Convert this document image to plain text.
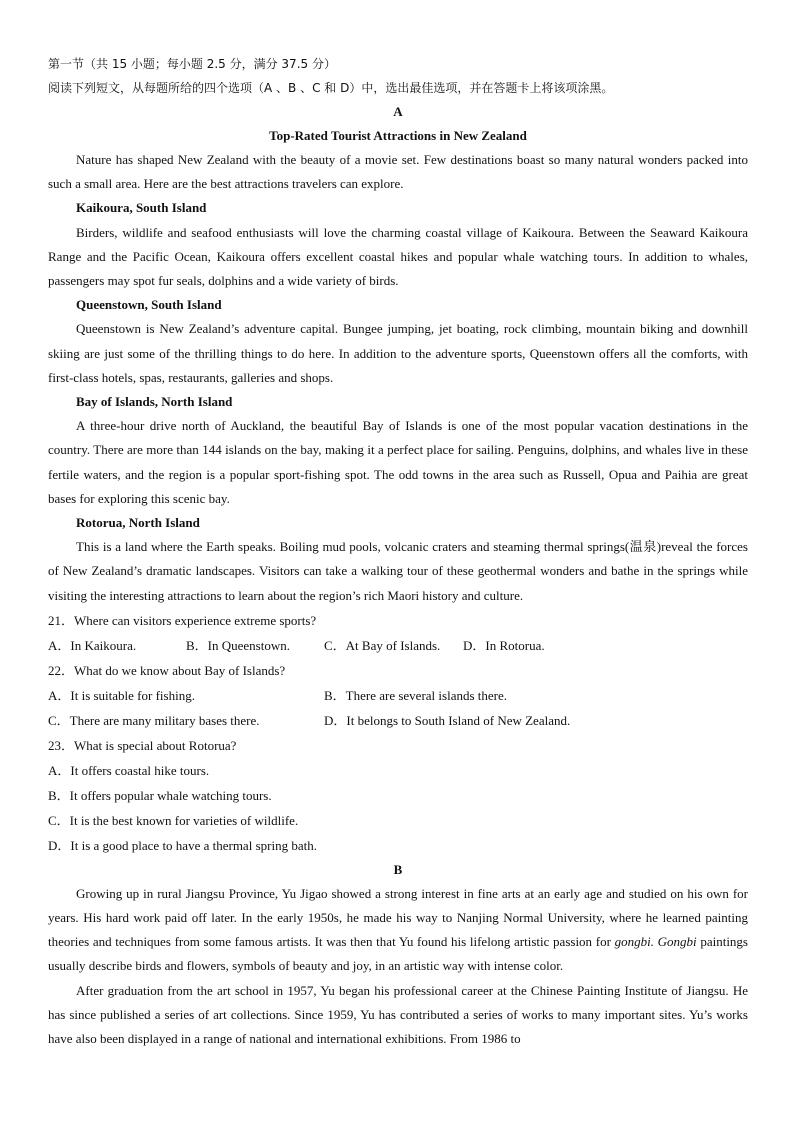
第一节（共 15 小题；每小题 2.5 分，满分 37.5 分）
阅读下列短文，从每题所给的四个选项（A 、B 、C 和 D）中，选出最佳选项，并在答题卡上将该项涂黑。
A
Top-Rated Tourist Attractions in New Zealand

Nature has shaped New Zealand with the beauty of a movie set. Few destinations boast so many natural wonders packed into such a small area. Here are the best attractions travelers can explore.

Kaikoura, South Island

Birders, wildlife and seafood enthusiasts will love the charming coastal village of Kaikoura. Between the Seaward Kaikoura Range and the Pacific Ocean, Kaikoura offers excellent coastal hikes and popular whale watching tours. In addition to whales, passengers may spot fur seals, dolphins and a wide variety of birds.

Queenstown, South Island

Queenstown is New Zealand’s adventure capital. Bungee jumping, jet boating, rock climbing, mountain biking and downhill skiing are just some of the thrilling things to do here. In addition to the adventure sports, Queenstown offers all the comforts, with first-class hotels, spas, restaurants, galleries and shops.

Bay of Islands, North Island

A three-hour drive north of Auckland, the beautiful Bay of Islands is one of the most popular vacation destinations in the country. There are more than 144 islands on the bay, making it a perfect place for sailing. Penguins, dolphins, and whales live in these fertile waters, and the region is a popular sport-fishing spot. The odd towns in the area such as Russell, Opua and Paihia are great bases for exploring this scenic bay.

Rotorua, North Island

This is a land where the Earth speaks. Boiling mud pools, volcanic craters and steaming thermal springs(温泉)reveal the forces of New Zealand’s dramatic landscapes. Visitors can take a walking tour of these geothermal wonders and bathe in the springs while visiting the interesting attractions to learn about the region’s rich Maori history and culture.

21．Where can visitors experience extreme sports?
A．In Kaikoura.	B．In Queenstown.	C．At Bay of Islands.	D．In Rotorua.
22．What do we know about Bay of Islands?
A．It is suitable for fishing.	B．There are several islands there.
C．There are many military bases there.	D．It belongs to South Island of New Zealand.
23．What is special about Rotorua?
A．It offers coastal hike tours.
B．It offers popular whale watching tours.
C．It is the best known for varieties of wildlife.
D．It is a good place to have a thermal spring bath.
B

Growing up in rural Jiangsu Province, Yu Jigao showed a strong interest in fine arts at an early age and studied on his own for years. His hard work paid off later. In the early 1950s, he made his way to Nanjing Normal University, where he learned painting theories and techniques from some famous artists. It was then that Yu found his lifelong artistic passion for gongbi. Gongbi paintings usually describe birds and flowers, symbols of beauty and joy, in an artistic way with intense color.

After graduation from the art school in 1957, Yu began his professional career at the Chinese Painting Institute of Jiangsu. He has since published a series of art collections. Since 1959, Yu has contributed a series of works to many important sites. Yu’s works have also been displayed in a range of national and international exhibitions. From 1986 to
